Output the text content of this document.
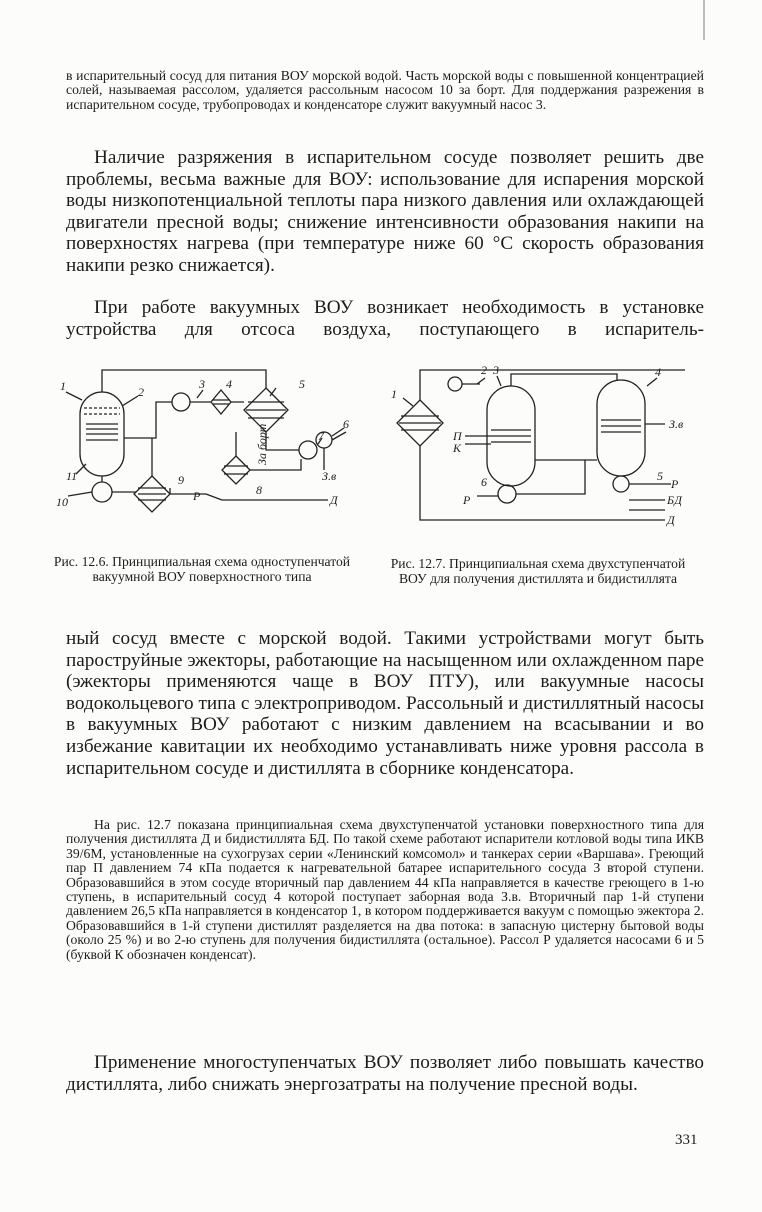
в испарительный сосуд для питания ВОУ морской водой. Часть морской воды с повышенной концентрацией солей, называемая рассолом, удаляется рассольным насосом 10 за борт. Для поддержания разрежения в испарительном сосуде, трубопроводах и конденсаторе служит вакуумный насос 3.

Наличие разряжения в испарительном сосуде позволяет решить две проблемы, весьма важные для ВОУ: использование для испарения морской воды низкопотенциальной теплоты пара низкого давления или охлаждающей двигатели пресной воды; снижение интенсивности образования накипи на поверхностях нагрева (при температуре ниже 60 °С скорость образования накипи резко снижается).

При работе вакуумных ВОУ возникает необходимость в установке устройства для отсоса воздуха, поступающего в испаритель-

1	2
3 4	5
6
7
8
9
10
11
Р	Д
З.в
За борт

Рис. 12.6. Принципиальная схема одноступенчатой вакуумной ВОУ поверхностного типа

1
2 3	4
5
6
П
К
Р
З.в
Р
БД
Д

Рис. 12.7. Принципиальная схема двухступенчатой ВОУ для получения дистиллята и бидистиллята

ный сосуд вместе с морской водой. Такими устройствами могут быть пароструйные эжекторы, работающие на насыщенном или охлажденном паре (эжекторы применяются чаще в ВОУ ПТУ), или вакуумные насосы водокольцевого типа с электроприводом. Рассольный и дистиллятный насосы в вакуумных ВОУ работают с низким давлением на всасывании и во избежание кавитации их необходимо устанавливать ниже уровня рассола в испарительном сосуде и дистиллята в сборнике конденсатора.

На рис. 12.7 показана принципиальная схема двухступенчатой установки поверхностного типа для получения дистиллята Д и бидистиллята БД. По такой схеме работают испарители котловой воды типа ИКВ 39/6М, установленные на сухогрузах серии «Ленинский комсомол» и танкерах серии «Варшава». Греющий пар П давлением 74 кПа подается к нагревательной батарее испарительного сосуда 3 второй ступени. Образовавшийся в этом сосуде вторичный пар давлением 44 кПа направляется в качестве греющего в 1-ю ступень, в испарительный сосуд 4 которой поступает заборная вода З.в. Вторичный пар 1-й ступени давлением 26,5 кПа направляется в конденсатор 1, в котором поддерживается вакуум с помощью эжектора 2. Образовавшийся в 1-й ступени дистиллят разделяется на два потока: в запасную цистерну бытовой воды (около 25 %) и во 2-ю ступень для получения бидистиллята (остальное). Рассол Р удаляется насосами 6 и 5 (буквой К обозначен конденсат).

Применение многоступенчатых ВОУ позволяет либо повышать качество дистиллята, либо снижать энергозатраты на получение пресной воды.

331
